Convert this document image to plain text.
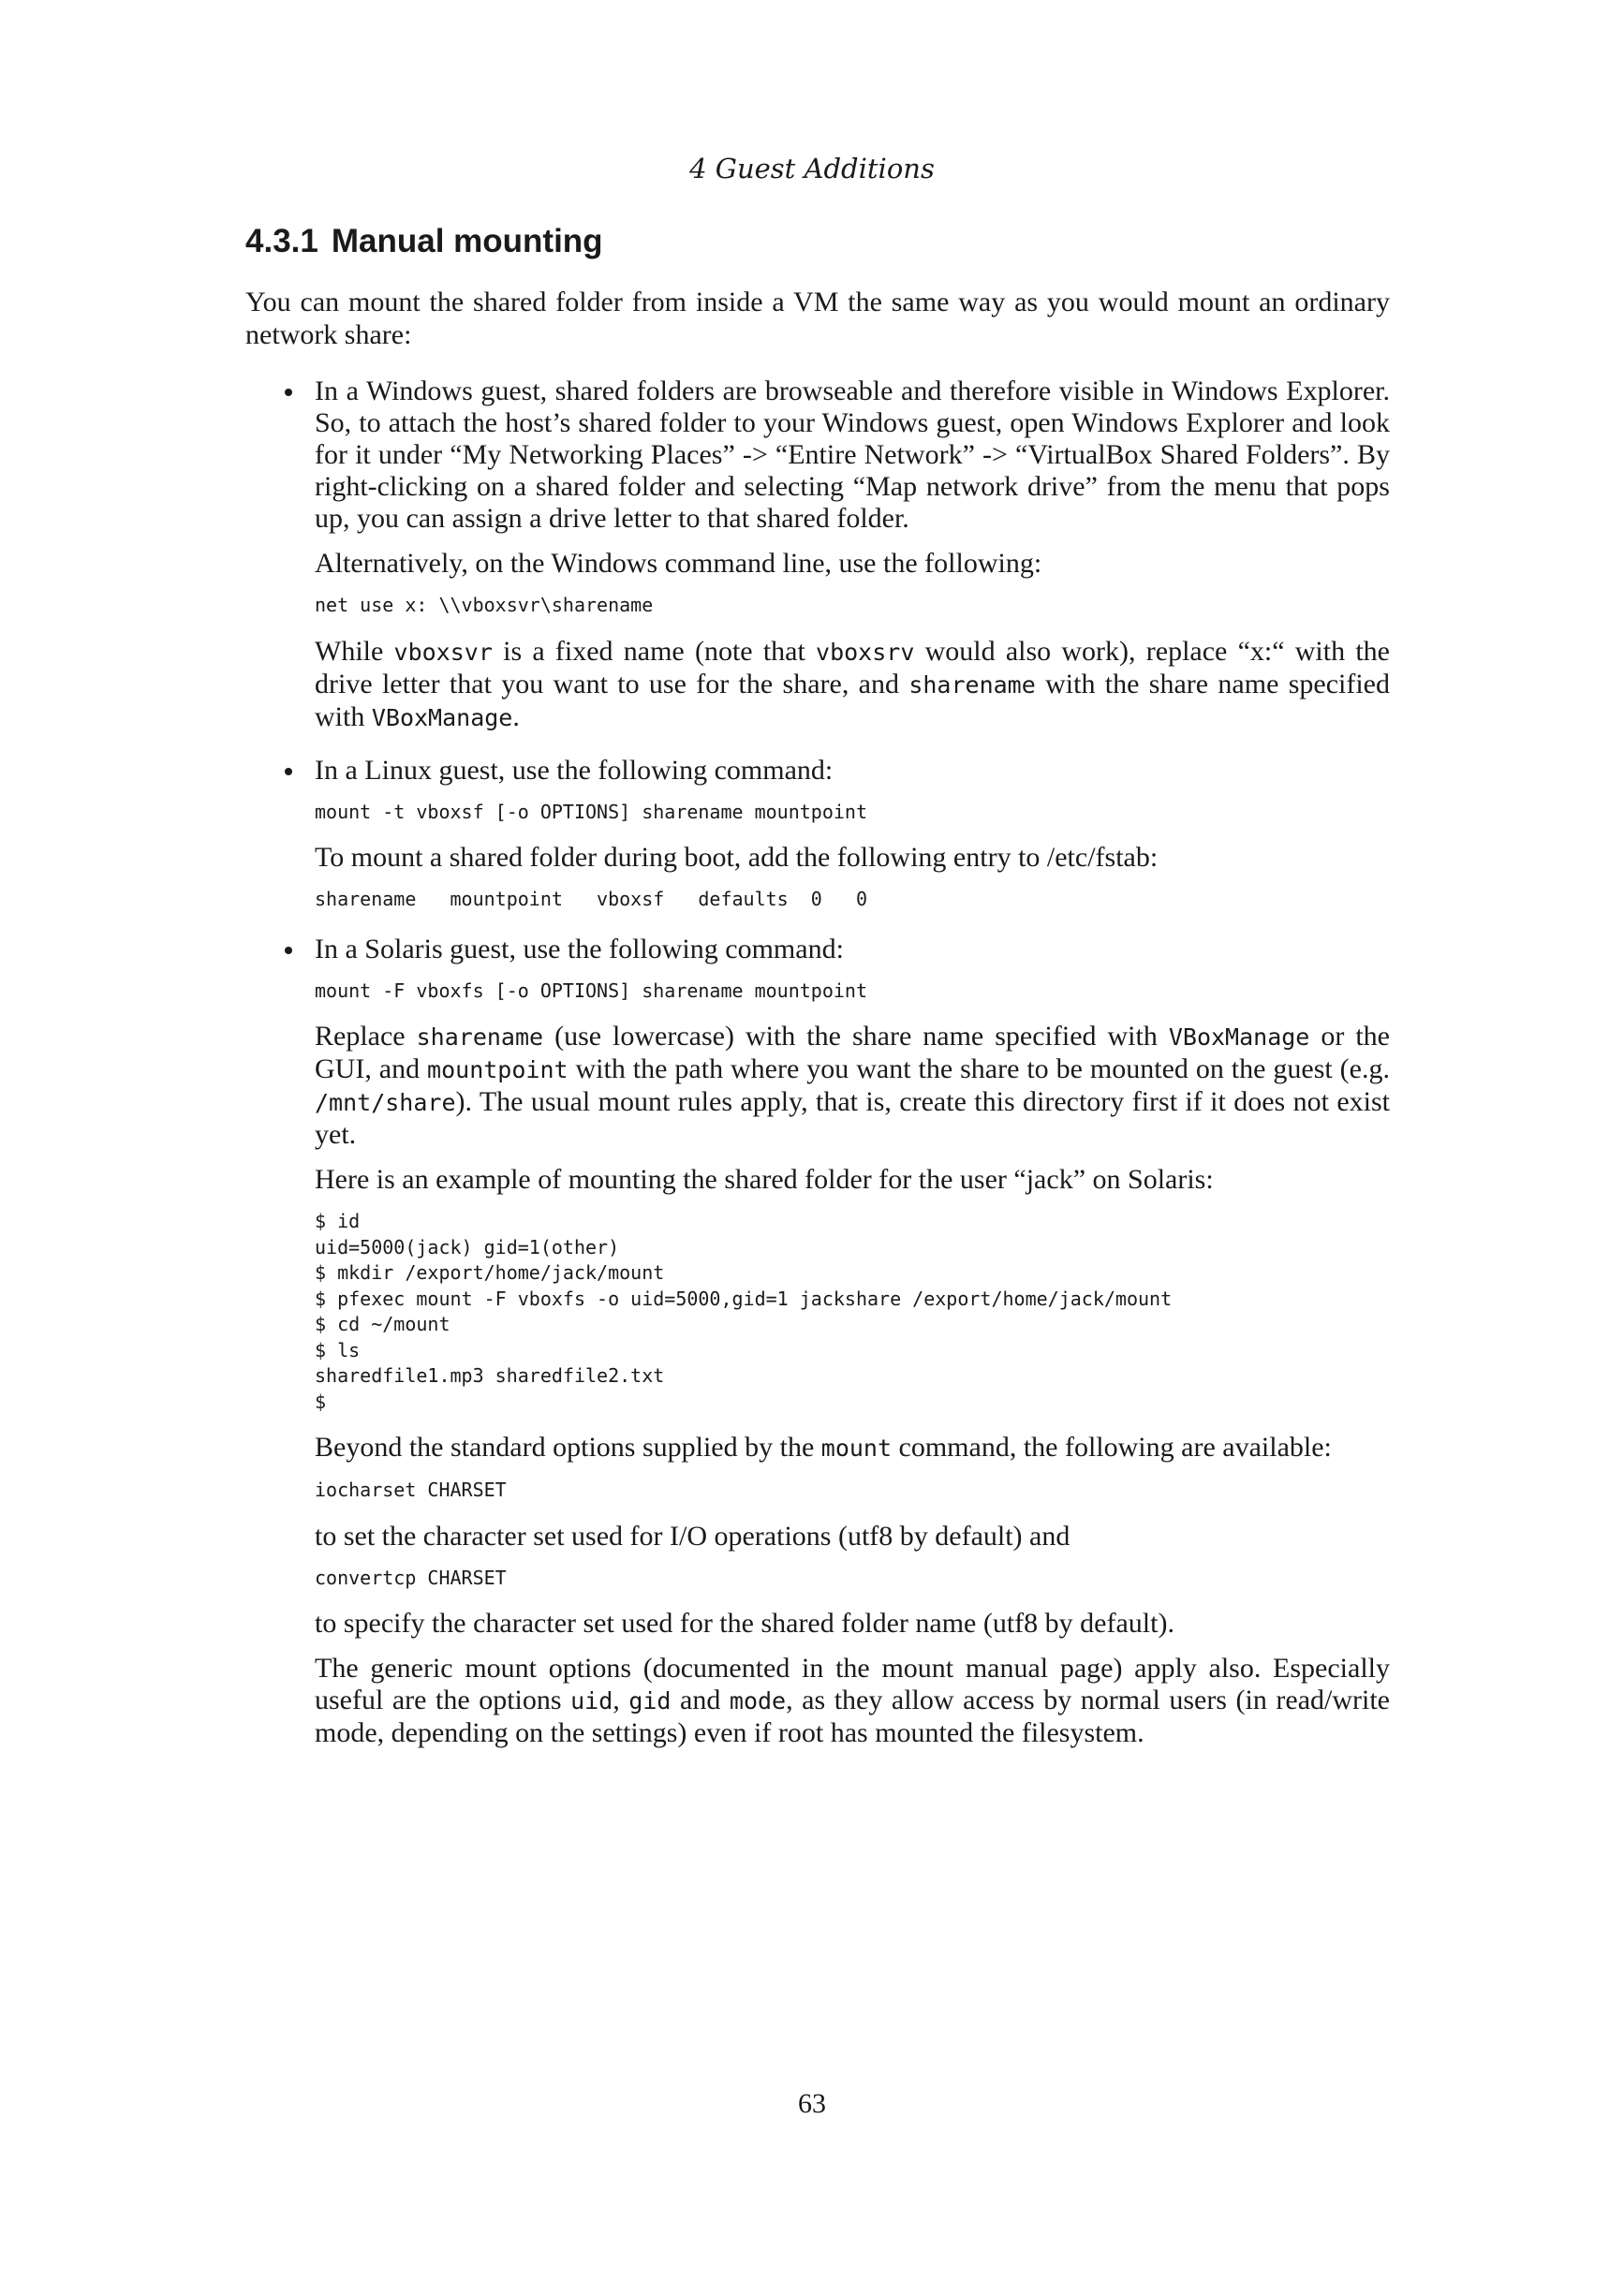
4 Guest Additions
4.3.1 Manual mounting

You can mount the shared folder from inside a VM the same way as you would mount an ordinary network share:

In a Windows guest, shared folders are browseable and therefore visible in Windows Explorer. So, to attach the host’s shared folder to your Windows guest, open Windows Explorer and look for it under “My Networking Places” -> “Entire Network” -> “VirtualBox Shared Folders”. By right-clicking on a shared folder and selecting “Map network drive” from the menu that pops up, you can assign a drive letter to that shared folder.

Alternatively, on the Windows command line, use the following:

net use x: \\vboxsvr\sharename

While vboxsvr is a fixed name (note that vboxsrv would also work), replace “x:“ with the drive letter that you want to use for the share, and sharename with the share name specified with VBoxManage.

In a Linux guest, use the following command:

mount -t vboxsf [-o OPTIONS] sharename mountpoint

To mount a shared folder during boot, add the following entry to /etc/fstab:

sharename   mountpoint   vboxsf   defaults  0   0

In a Solaris guest, use the following command:

mount -F vboxfs [-o OPTIONS] sharename mountpoint

Replace sharename (use lowercase) with the share name specified with VBoxManage or the GUI, and mountpoint with the path where you want the share to be mounted on the guest (e.g. /mnt/share). The usual mount rules apply, that is, create this directory first if it does not exist yet.

Here is an example of mounting the shared folder for the user “jack” on Solaris:

$ id
uid=5000(jack) gid=1(other)
$ mkdir /export/home/jack/mount
$ pfexec mount -F vboxfs -o uid=5000,gid=1 jackshare /export/home/jack/mount
$ cd ~/mount
$ ls
sharedfile1.mp3 sharedfile2.txt
$

Beyond the standard options supplied by the mount command, the following are available:

iocharset CHARSET

to set the character set used for I/O operations (utf8 by default) and

convertcp CHARSET

to specify the character set used for the shared folder name (utf8 by default).

The generic mount options (documented in the mount manual page) apply also. Especially useful are the options uid, gid and mode, as they allow access by normal users (in read/write mode, depending on the settings) even if root has mounted the filesystem.

63
